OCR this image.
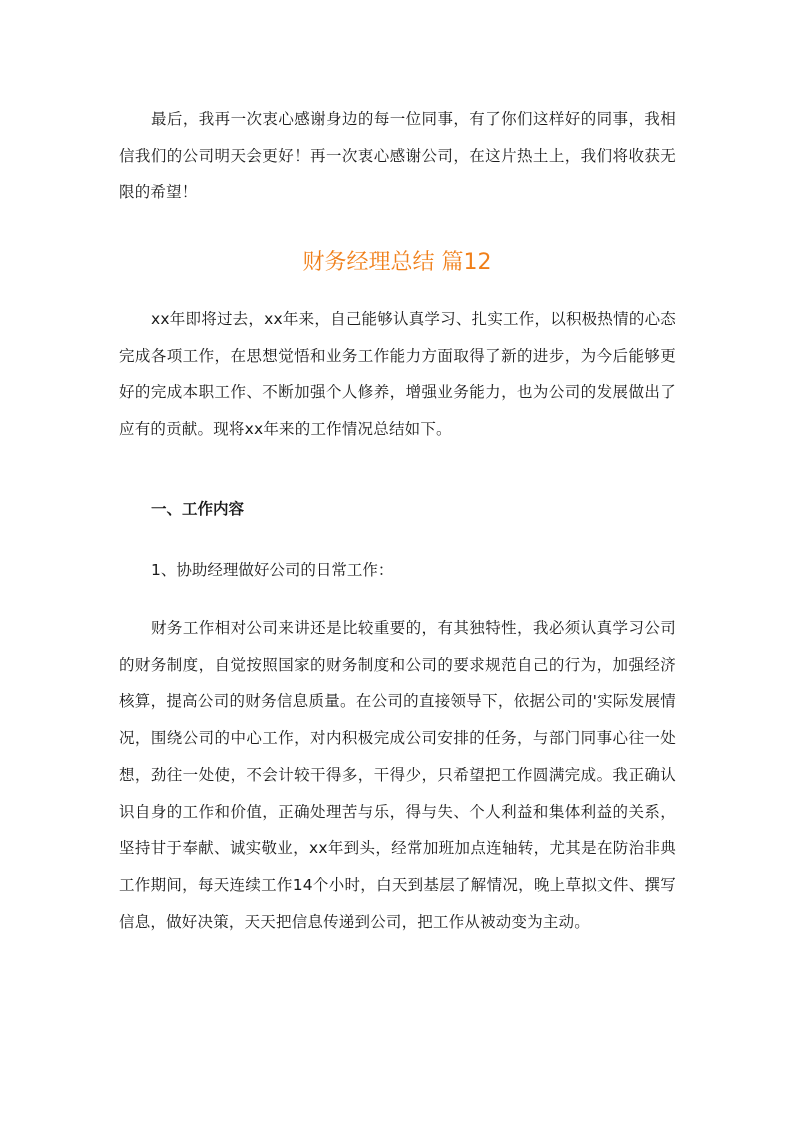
最后，我再一次衷心感谢身边的每一位同事，有了你们这样好的同事，我相信我们的公司明天会更好！再一次衷心感谢公司，在这片热土上，我们将收获无限的希望！

财务经理总结 篇12

xx年即将过去，xx年来，自己能够认真学习、扎实工作，以积极热情的心态完成各项工作，在思想觉悟和业务工作能力方面取得了新的进步，为今后能够更好的完成本职工作、不断加强个人修养，增强业务能力，也为公司的发展做出了应有的贡献。现将xx年来的工作情况总结如下。

一、工作内容

1、协助经理做好公司的日常工作：

财务工作相对公司来讲还是比较重要的，有其独特性，我必须认真学习公司的财务制度，自觉按照国家的财务制度和公司的要求规范自己的行为，加强经济核算，提高公司的财务信息质量。在公司的直接领导下，依据公司的'实际发展情况，围绕公司的中心工作，对内积极完成公司安排的任务，与部门同事心往一处想，劲往一处使，不会计较干得多，干得少，只希望把工作圆满完成。我正确认识自身的工作和价值，正确处理苦与乐，得与失、个人利益和集体利益的关系，坚持甘于奉献、诚实敬业，xx年到头，经常加班加点连轴转，尤其是在防治非典工作期间，每天连续工作14个小时，白天到基层了解情况，晚上草拟文件、撰写信息，做好决策，天天把信息传递到公司，把工作从被动变为主动。
